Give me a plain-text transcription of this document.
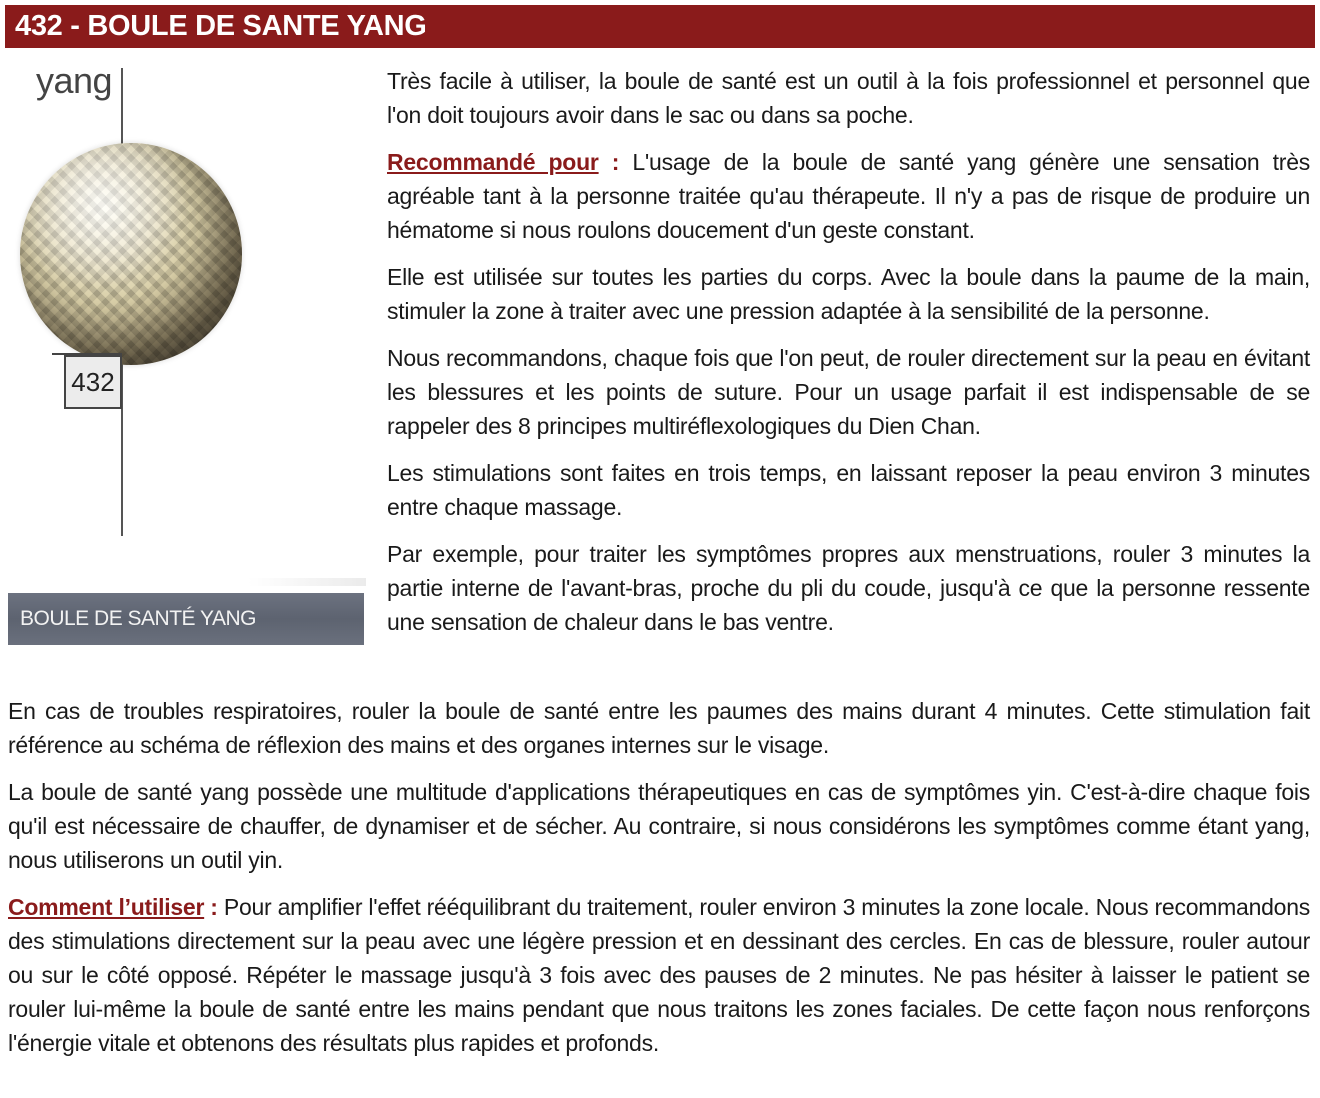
432 - BOULE DE SANTE YANG
yang
432
BOULE DE SANTÉ YANG

Très facile à utiliser, la boule de santé est un outil à la fois professionnel et personnel que l'on doit toujours avoir dans le sac ou dans sa poche.

Recommandé pour : L'usage de la boule de santé yang génère une sensation très agréable tant à la personne traitée qu'au thérapeute. Il n'y a pas de risque de produire un hématome si nous roulons doucement d'un geste constant.

Elle est utilisée sur toutes les parties du corps. Avec la boule dans la paume de la main, stimuler la zone à traiter avec une pression adaptée à la sensibilité de la personne.

Nous recommandons, chaque fois que l'on peut, de rouler directement sur la peau en évitant les blessures et les points de suture. Pour un usage parfait il est indispensable de se rappeler des 8 principes multiréflexologiques du Dien Chan.

Les stimulations sont faites en trois temps, en laissant reposer la peau environ 3 minutes entre chaque massage.

Par exemple, pour traiter les symptômes propres aux menstruations, rouler 3 minutes la partie interne de l'avant-bras, proche du pli du coude, jusqu'à ce que la personne ressente une sensation de chaleur dans le bas ventre.

En cas de troubles respiratoires, rouler la boule de santé entre les paumes des mains durant 4 minutes. Cette stimulation fait référence au schéma de réflexion des mains et des organes internes sur le visage.

La boule de santé yang possède une multitude d'applications thérapeutiques en cas de symptômes yin. C'est-à-dire chaque fois qu'il est nécessaire de chauffer, de dynamiser et de sécher. Au contraire, si nous considérons les symptômes comme étant yang, nous utiliserons un outil yin.

Comment l’utiliser : Pour amplifier l'effet rééquilibrant du traitement, rouler environ 3 minutes la zone locale. Nous recommandons des stimulations directement sur la peau avec une légère pression et en dessinant des cercles. En cas de blessure, rouler autour ou sur le côté opposé. Répéter le massage jusqu'à 3 fois avec des pauses de 2 minutes. Ne pas hésiter à laisser le patient se rouler lui-même la boule de santé entre les mains pendant que nous traitons les zones faciales. De cette façon nous renforçons l'énergie vitale et obtenons des résultats plus rapides et profonds.
